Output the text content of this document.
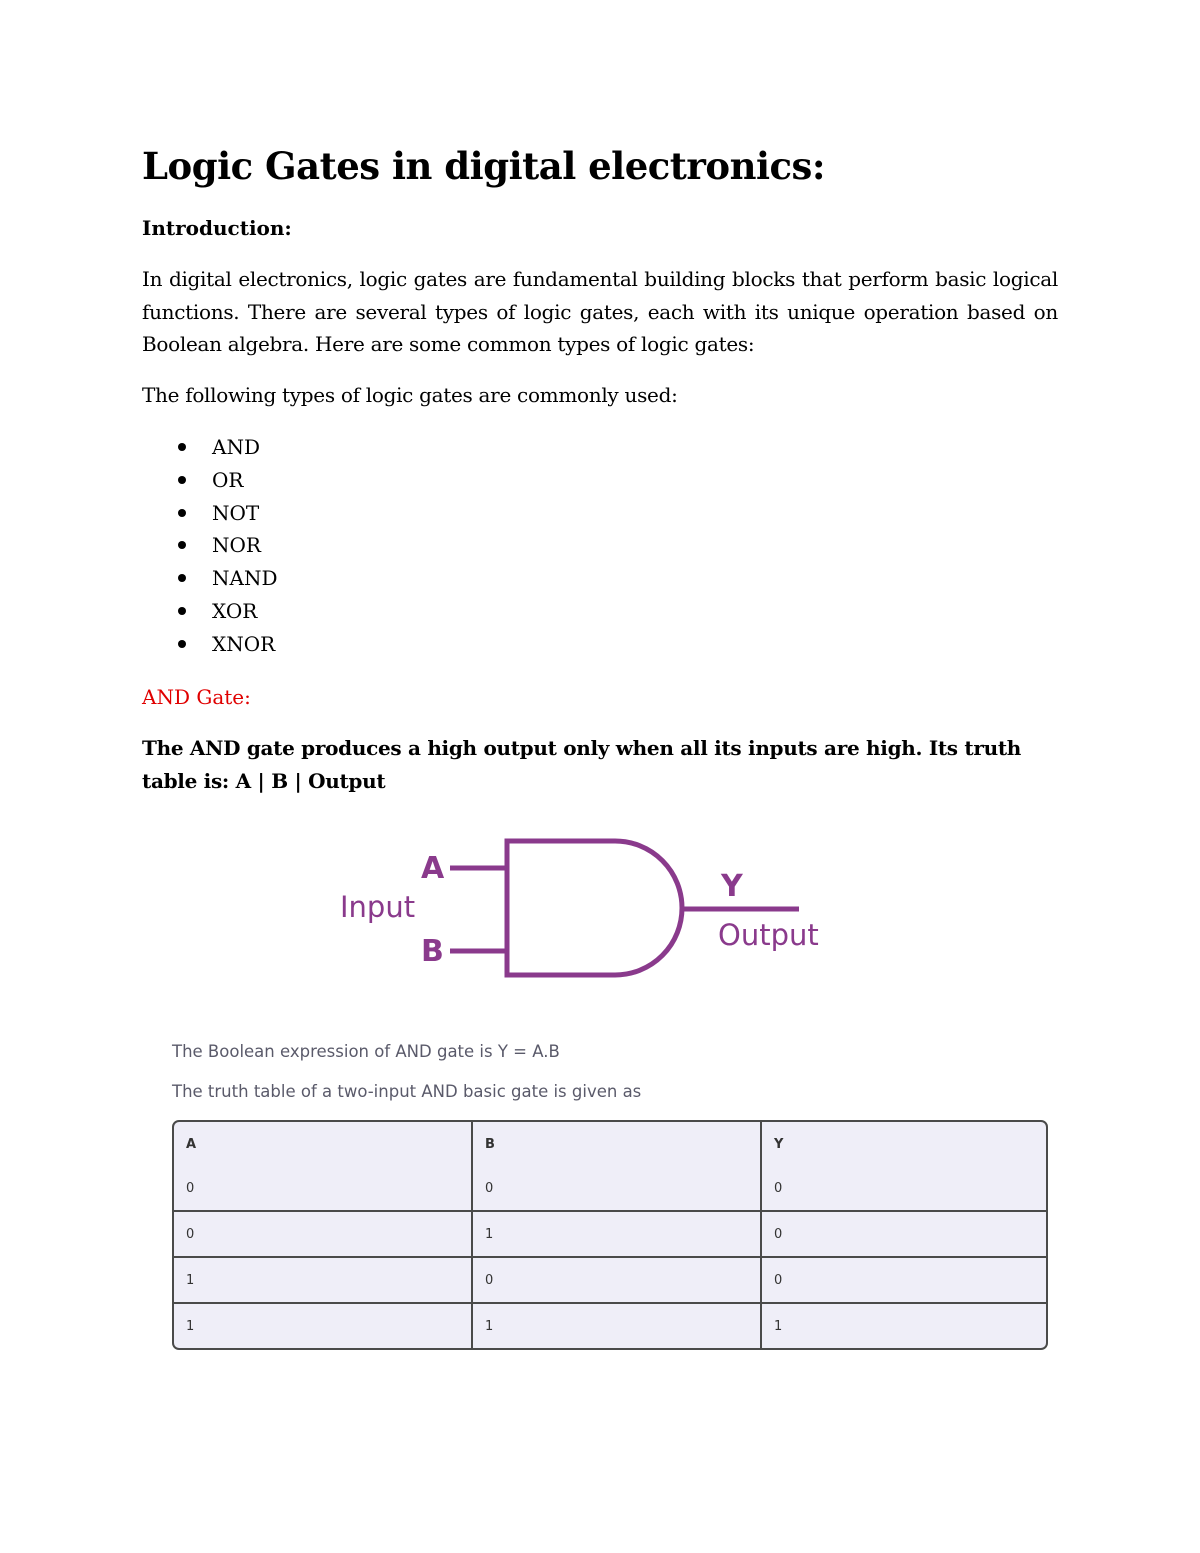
Logic Gates in digital electronics:
Introduction:
In digital electronics, logic gates are fundamental building blocks that perform basic logical functions. There are several types of logic gates, each with its unique operation based on Boolean algebra. Here are some common types of logic gates:
The following types of logic gates are commonly used:
AND
OR
NOT
NOR
NAND
XOR
XNOR
AND Gate:
The AND gate produces a high output only when all its inputs are high. Its truth table is: A | B | Output
A
B
Input
Y
Output
The Boolean expression of AND gate is Y = A.B
The truth table of a two-input AND basic gate is given as
A	B	Y
0	0	0
0	1	0
1	0	0
1	1	1
